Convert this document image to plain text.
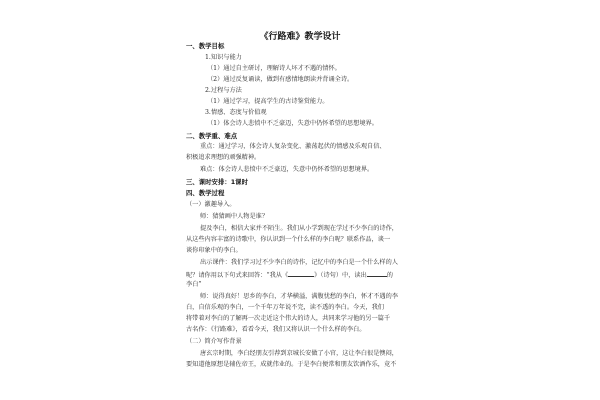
《行路难》教学设计
一、教学目标
1.知识与能力
（1）通过自主研讨，理解诗人坏才不遇的情怀。
（2）通过反复诵读，做到有感情地朗读并背诵全诗。
2.过程与方法
（1）通过学习，提高学生的古诗鉴赏能力。
3.情感、态度与价值观
（1）体会诗人悲愤中不乏豪迈，失意中仍怀希望的思想境界。
二、教学重、难点
重点：通过学习，体会诗人复杂变化、激荡起伏的情感及乐观自信、
积极追求理想的顽强精神。
难点：体会诗人悲愤中不乏豪迈，失意中仍怀希望的思想境界。
三、课时安排：1课时
四、教学过程
（一）激趣导入。
师：猜猜画中人物是谁？
提及李白，相信大家并不陌生。我们从小学到现在学过不少李白的诗作，
从这些内容丰富的诗歌中，你认识到一个什么样的李白呢？联系作品，谈一
谈你印象中的李白。
出示课件：我们学习过不少李白的诗作，记忆中的李白是一个什么样的人
呢？请你用以下句式来回答：“我从《	》（诗句）中，读出	的
李白”
师：说得真好！思乡的李白，才华横溢，满腹忧愁的李白，怀才不遇的李
白，自信乐观的李白，一个千年万年说不完，读不透的李白。今天，我们
将带着对李白的了解再一次走近这个伟大的诗人，共同来学习他的另一篇千
古名作：《行路难》，看看今天，我们又将认识一个什么样的李白。
（二）简介写作背景
唐玄宗时期，李白经朋友引荐到京城长安做了小官，这让李白很是懊闷，
要知道他原想是辅佐帝王，成就伟业的。于是李白便常和朋友饮酒作乐，竟不
